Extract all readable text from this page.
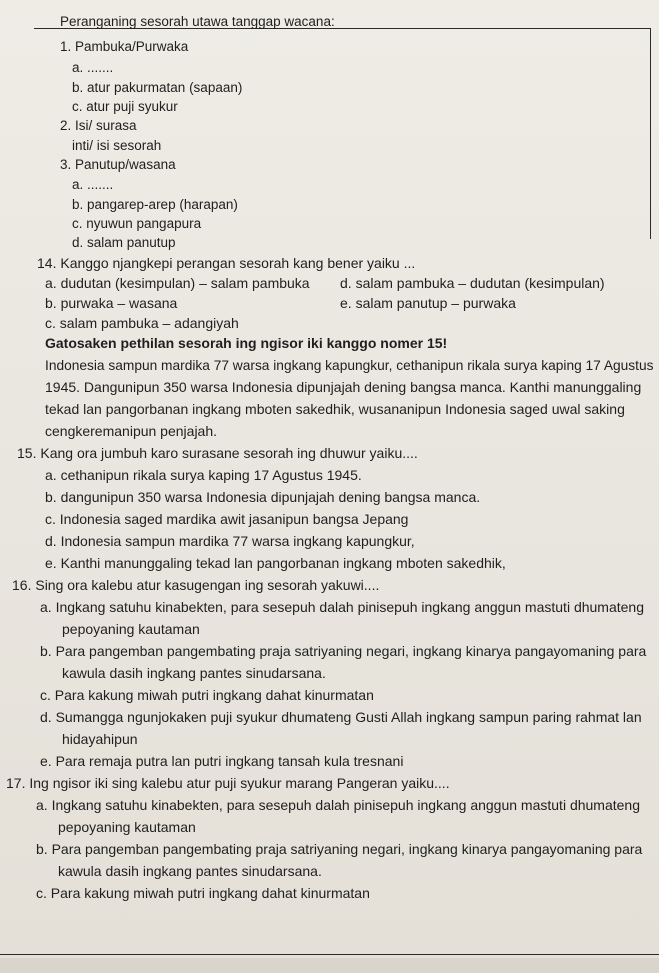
Peranganing sesorah utawa tanggap wacana:
1. Pambuka/Purwaka
a. .......
b. atur pakurmatan (sapaan)
c. atur puji syukur
2. Isi/ surasa
inti/ isi sesorah
3. Panutup/wasana
a. .......
b. pangarep-arep (harapan)
c. nyuwun pangapura
d. salam panutup
14. Kanggo njangkepi perangan sesorah kang bener yaiku ...
a. dudutan (kesimpulan) – salam pambuka d. salam pambuka – dudutan (kesimpulan)
b. purwaka – wasana	e. salam panutup – purwaka
c. salam pambuka – adangiyah
Gatosaken pethilan sesorah ing ngisor iki kanggo nomer 15!
Indonesia sampun mardika 77 warsa ingkang kapungkur, cethanipun rikala surya kaping 17 Agustus
1945. Dangunipun 350 warsa Indonesia dipunjajah dening bangsa manca. Kanthi manunggaling
tekad lan pangorbanan ingkang mboten sakedhik, wusananipun Indonesia saged uwal saking
cengkeremanipun penjajah.
15. Kang ora jumbuh karo surasane sesorah ing dhuwur yaiku....
a. cethanipun rikala surya kaping 17 Agustus 1945.
b. dangunipun 350 warsa Indonesia dipunjajah dening bangsa manca.
c. Indonesia saged mardika awit jasanipun bangsa Jepang
d. Indonesia sampun mardika 77 warsa ingkang kapungkur,
e. Kanthi manunggaling tekad lan pangorbanan ingkang mboten sakedhik,
16. Sing ora kalebu atur kasugengan ing sesorah yakuwi....
a. Ingkang satuhu kinabekten, para sesepuh dalah pinisepuh ingkang anggun mastuti dhumateng
pepoyaning kautaman
b. Para pangemban pangembating praja satriyaning negari, ingkang kinarya pangayomaning para
kawula dasih ingkang pantes sinudarsana.
c. Para kakung miwah putri ingkang dahat kinurmatan
d. Sumangga ngunjokaken puji syukur dhumateng Gusti Allah ingkang sampun paring rahmat lan
hidayahipun
e. Para remaja putra lan putri ingkang tansah kula tresnani
17. Ing ngisor iki sing kalebu atur puji syukur marang Pangeran yaiku....
a. Ingkang satuhu kinabekten, para sesepuh dalah pinisepuh ingkang anggun mastuti dhumateng
pepoyaning kautaman
b. Para pangemban pangembating praja satriyaning negari, ingkang kinarya pangayomaning para
kawula dasih ingkang pantes sinudarsana.
c. Para kakung miwah putri ingkang dahat kinurmatan
